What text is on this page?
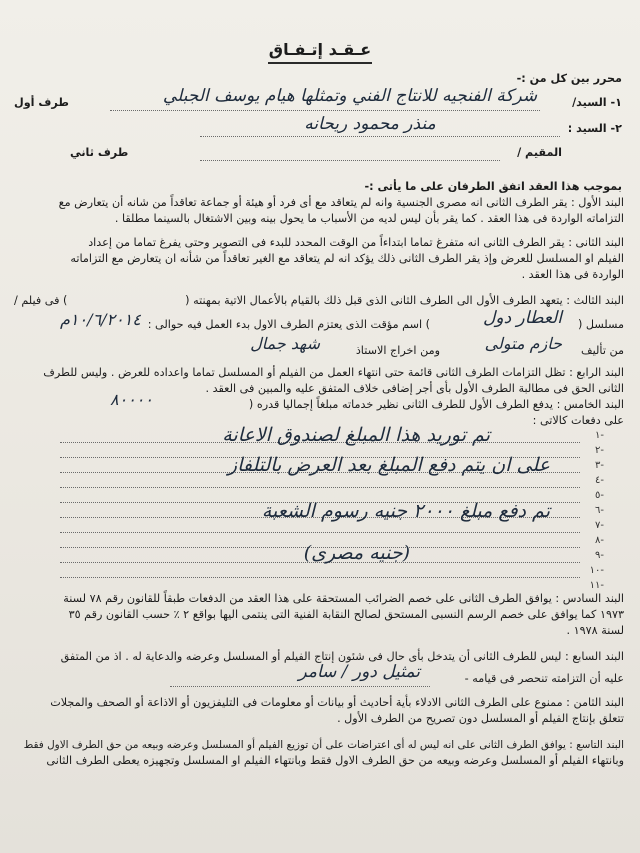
عـقـد إتـفـاق
محرر بين كل من :-
١- السيد/
شركة الفنجيه للانتاج الفني وتمثلها هيام يوسف الجبلي
طرف أول
٢- السيد :
منذر محمود ريحانه
المقيم /
طرف ثاني
بموجب هذا العقد اتفق الطرفان على ما يأتى :-
البند الأول : يقر الطرف الثانى انه مصرى الجنسية وانه لم يتعاقد مع أى فرد أو هيئة أو جماعة تعاقداً من شانه أن يتعارض مع
التزاماته الواردة فى هذا العقد . كما يقر بأن ليس لديه من الأسباب ما يحول بينه وبين الاشتغال بالسينما مطلقا .
البند الثانى : يقر الطرف الثانى انه متفرغ تماما ابتداءاً من الوقت المحدد للبدء فى التصوير وحتى يفرغ تماما من إعداد
الفيلم او المسلسل للعرض وإذ يقر الطرف الثانى ذلك يؤكد انه لم يتعاقد مع الغير تعاقداً من شأنه ان يتعارض مع التزاماته
الواردة فى هذا العقد .
البند الثالث : يتعهد الطرف الأول الى الطرف الثانى الذى قبل ذلك بالقيام بالأعمال الاتية بمهنته (
) فى فيلم /
مسلسل (
العطار دول
) اسم مؤقت الذى يعتزم الطرف الاول بدء العمل فيه حوالى :
١٠/٦/٢٠١٤م
من تأليف
حازم متولى
ومن اخراج الاستاذ
شهد جمال
البند الرابع : تظل التزامات الطرف الثانى قائمة حتى انتهاء العمل من الفيلم أو المسلسل تماما واعداده للعرض . وليس للطرف
الثانى الحق فى مطالبة الطرف الأول بأى أجر إضافى خلاف المتفق عليه والمبين فى العقد .
البند الخامس : يدفع الطرف الأول للطرف الثانى نظير خدماته مبلغاً إجماليا قدره (
٨٠٠٠٠
على دفعات كالاتى :
١-
٢-
٣-
٤-
٥-
٦-
٧-
٨-
٩-
١٠-
١١-
تم توريد هذا المبلغ لصندوق الاعانة
على ان يتم دفع المبلغ بعد العرض بالتلفاز
تم دفع مبلغ ٢٠٠٠ جنيه رسوم الشعبة
(جنيه مصرى)
البند السادس : يوافق الطرف الثانى على خصم الضرائب المستحقة على هذا العقد من الدفعات طبقاً للقانون رقم ٧٨ لسنة
١٩٧٣ كما يوافق على خصم الرسم النسبى المستحق لصالح النقابة الفنية التى ينتمى اليها بواقع ٢ ٪ حسب القانون رقم ٣٥
لسنة ١٩٧٨ .
البند السابع : ليس للطرف الثانى أن يتدخل بأى حال فى شئون إنتاج الفيلم أو المسلسل وعرضه والدعاية له . اذ من المتفق
عليه أن التزامته تنحصر فى قيامه -
تمثيل دور / سامر
البند الثامن : ممنوع على الطرف الثانى الادلاء بأية أحاديث أو بيانات أو معلومات فى التليفزيون أو الاذاعة أو الصحف والمجلات
تتعلق بإنتاج الفيلم أو المسلسل دون تصريح من الطرف الأول .
البند التاسع : يوافق الطرف الثانى على انه ليس له أى اعتراضات على أن توزيع الفيلم أو المسلسل وعرضه وبيعه من حق الطرف الاول فقط
وبانتهاء الفيلم أو المسلسل وعرضه وبيعه من حق الطرف الاول فقط وبانتهاء الفيلم او المسلسل وتجهيزه يعطى الطرف الثانى
